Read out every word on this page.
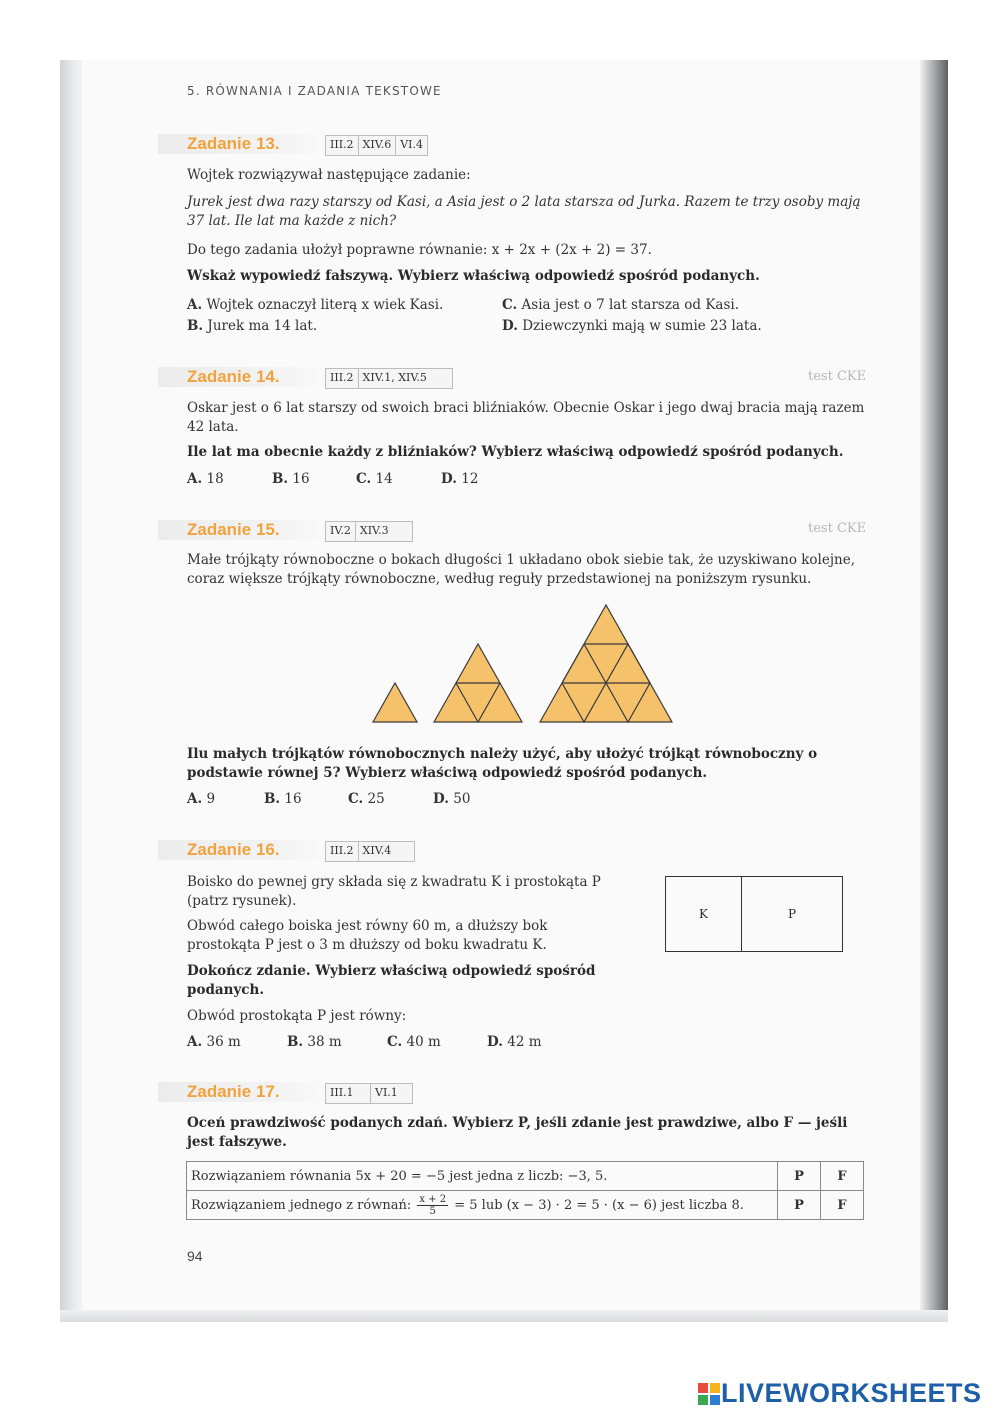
5. RÓWNANIA I ZADANIA TEKSTOWE
Zadanie 13.	III.2 XIV.6 VI.4
Wojtek rozwiązywał następujące zadanie:
Jurek jest dwa razy starszy od Kasi, a Asia jest o 2 lata starsza od Jurka. Razem te trzy osoby mają 37 lat. Ile lat ma każde z nich?
Do tego zadania ułożył poprawne równanie: x + 2x + (2x + 2) = 37.
Wskaż wypowiedź fałszywą. Wybierz właściwą odpowiedź spośród podanych.
A. Wojtek oznaczył literą x wiek Kasi.
B. Jurek ma 14 lat.
C. Asia jest o 7 lat starsza od Kasi.
D. Dziewczynki mają w sumie 23 lata.
Zadanie 14.	III.2 XIV.1, XIV.5	test CKE
Oskar jest o 6 lat starszy od swoich braci bliźniaków. Obecnie Oskar i jego dwaj bracia mają razem 42 lata.
Ile lat ma obecnie każdy z bliźniaków? Wybierz właściwą odpowiedź spośród podanych.
A. 18	B. 16	C. 14	D. 12
Zadanie 15.	IV.2 XIV.3	test CKE
Małe trójkąty równoboczne o bokach długości 1 układano obok siebie tak, że uzyskiwano kolejne, coraz większe trójkąty równoboczne, według reguły przedstawionej na poniższym rysunku.
Ilu małych trójkątów równobocznych należy użyć, aby ułożyć trójkąt równoboczny o podstawie równej 5? Wybierz właściwą odpowiedź spośród podanych.
A. 9	B. 16	C. 25	D. 50
Zadanie 16.	III.2 XIV.4
Boisko do pewnej gry składa się z kwadratu K i prostokąta P (patrz rysunek).
Obwód całego boiska jest równy 60 m, a dłuższy bok prostokąta P jest o 3 m dłuższy od boku kwadratu K.
Dokończ zdanie. Wybierz właściwą odpowiedź spośród podanych.
Obwód prostokąta P jest równy:
K	P
A. 36 m	B. 38 m	C. 40 m	D. 42 m
Zadanie 17.	III.1	VI.1
Oceń prawdziwość podanych zdań. Wybierz P, jeśli zdanie jest prawdziwe, albo F — jeśli jest fałszywe.
Rozwiązaniem równania 5x + 20 = −5 jest jedna z liczb: −3, 5.	P	F
Rozwiązaniem jednego z równań: $\frac{x + 2}{5} = 5$ lub (x − 3) · 2 = 5 · (x − 6) jest liczba 8.	P	F
94
LIVEWORKSHEETS
